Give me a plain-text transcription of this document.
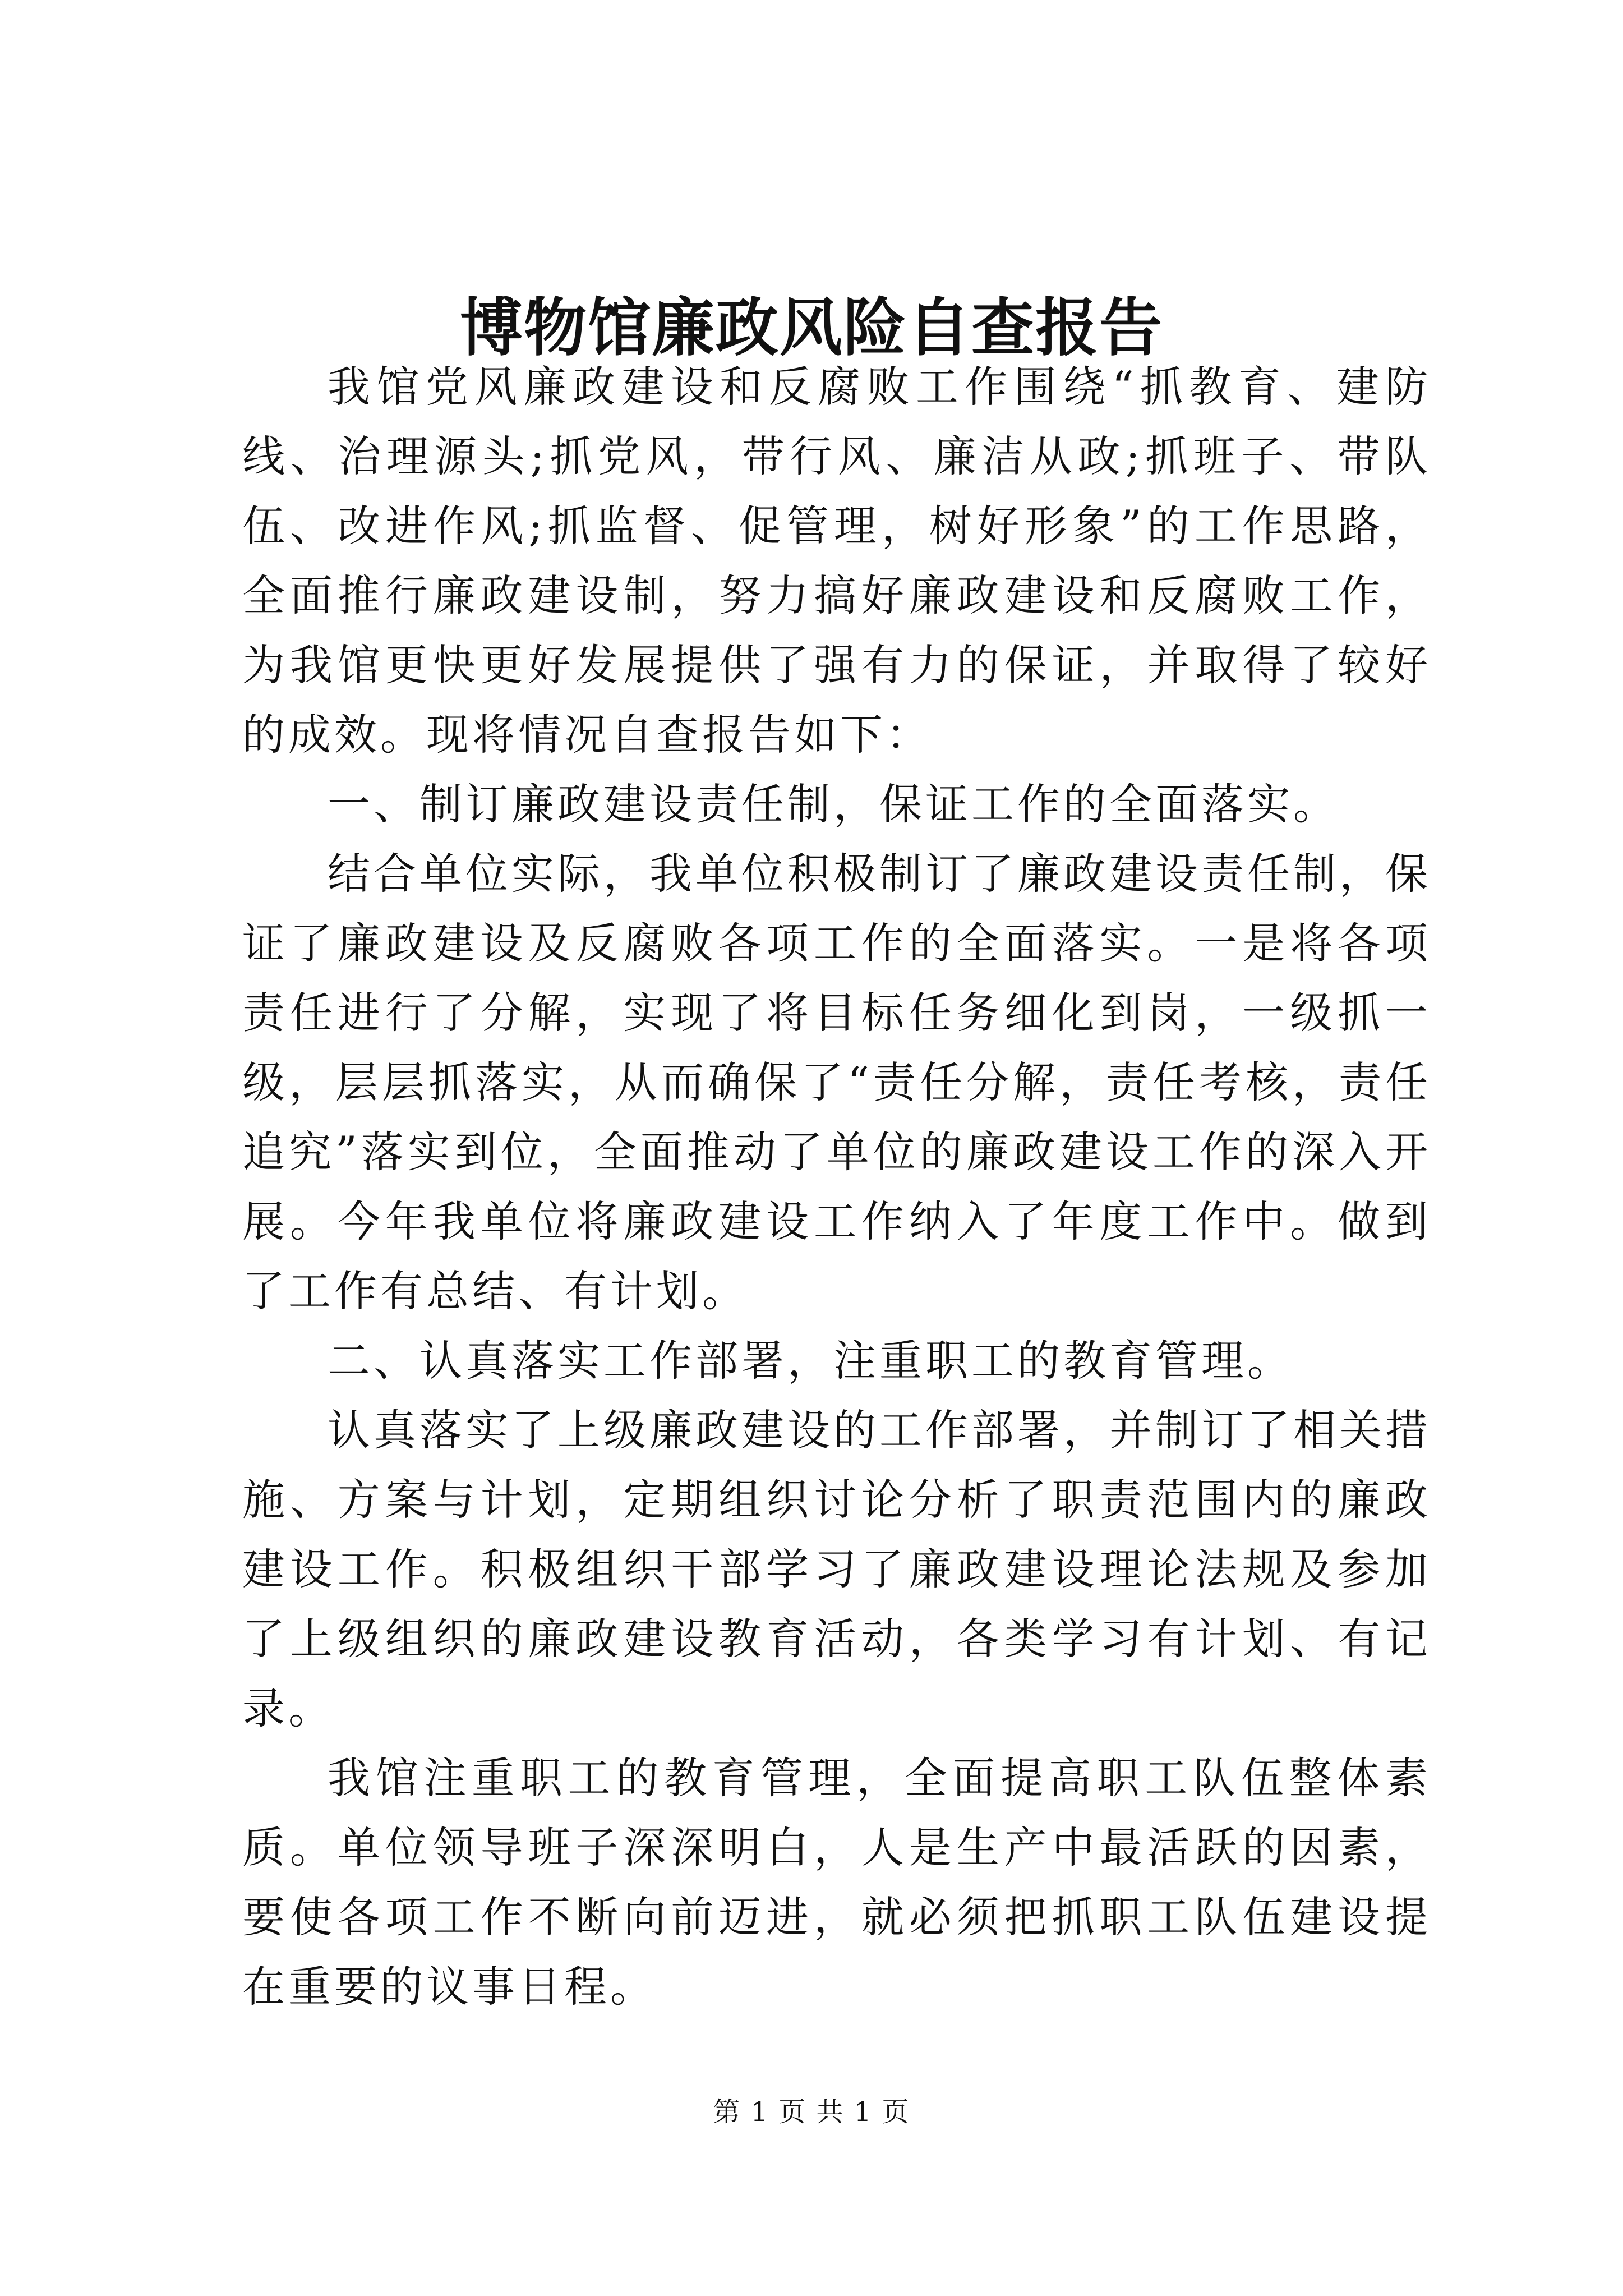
博物馆廉政风险自查报告

我馆党风廉政建设和反腐败工作围绕“抓教育、建防线、治理源头;抓党风，带行风、廉洁从政;抓班子、带队伍、改进作风;抓监督、促管理，树好形象”的工作思路，全面推行廉政建设制，努力搞好廉政建设和反腐败工作，为我馆更快更好发展提供了强有力的保证，并取得了较好的成效。现将情况自查报告如下：

一、制订廉政建设责任制，保证工作的全面落实。

结合单位实际，我单位积极制订了廉政建设责任制，保证了廉政建设及反腐败各项工作的全面落实。一是将各项责任进行了分解，实现了将目标任务细化到岗，一级抓一级，层层抓落实，从而确保了“责任分解，责任考核，责任追究”落实到位，全面推动了单位的廉政建设工作的深入开展。今年我单位将廉政建设工作纳入了年度工作中。做到了工作有总结、有计划。

二、认真落实工作部署，注重职工的教育管理。

认真落实了上级廉政建设的工作部署，并制订了相关措施、方案与计划，定期组织讨论分析了职责范围内的廉政建设工作。积极组织干部学习了廉政建设理论法规及参加了上级组织的廉政建设教育活动，各类学习有计划、有记录。

我馆注重职工的教育管理，全面提高职工队伍整体素质。单位领导班子深深明白，人是生产中最活跃的因素，要使各项工作不断向前迈进，就必须把抓职工队伍建设提在重要的议事日程。

第 1 页 共 1 页
